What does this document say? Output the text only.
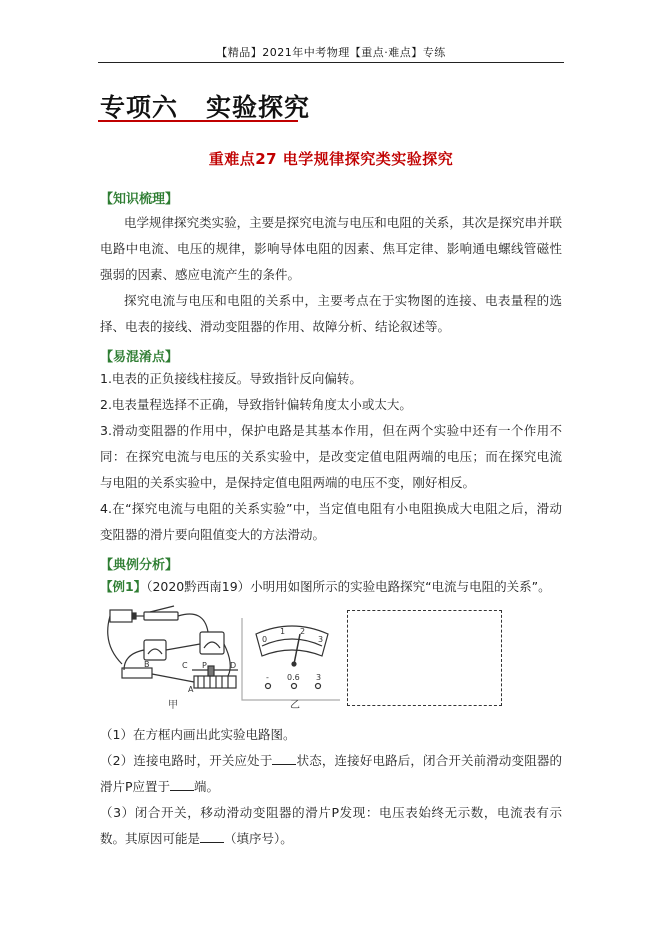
【精品】2021年中考物理【重点·难点】专练
专项六 实验探究
重难点27 电学规律探究类实验探究
【知识梳理】
电学规律探究类实验，主要是探究电流与电压和电阻的关系，其次是探究串并联电路中电流、电压的规律，影响导体电阻的因素、焦耳定律、影响通电螺线管磁性强弱的因素、感应电流产生的条件。
探究电流与电压和电阻的关系中，主要考点在于实物图的连接、电表量程的选择、电表的接线、滑动变阻器的作用、故障分析、结论叙述等。
【易混淆点】
1.电表的正负接线柱接反。导致指针反向偏转。
2.电表量程选择不正确，导致指针偏转角度太小或太大。
3.滑动变阻器的作用中，保护电路是其基本作用，但在两个实验中还有一个作用不同：在探究电流与电压的关系实验中，是改变定值电阻两端的电压；而在探究电流与电阻的关系实验中，是保持定值电阻两端的电压不变，刚好相反。
4.在“探究电流与电阻的关系实验”中，当定值电阻有小电阻换成大电阻之后，滑动变阻器的滑片要向阻值变大的方法滑动。
【典例分析】
【例1】（2020黔西南19）小明用如图所示的实验电路探究“电流与电阻的关系”。
C P	D
B
A
0
1 2
3
- 0.6 3
甲	乙
（1）在方框内画出此实验电路图。
（2）连接电路时，开关应处于 状态，连接好电路后，闭合开关前滑动变阻器的滑片P应置于 端。
（3）闭合开关，移动滑动变阻器的滑片P发现：电压表始终无示数，电流表有示数。其原因可能是 （填序号）。
